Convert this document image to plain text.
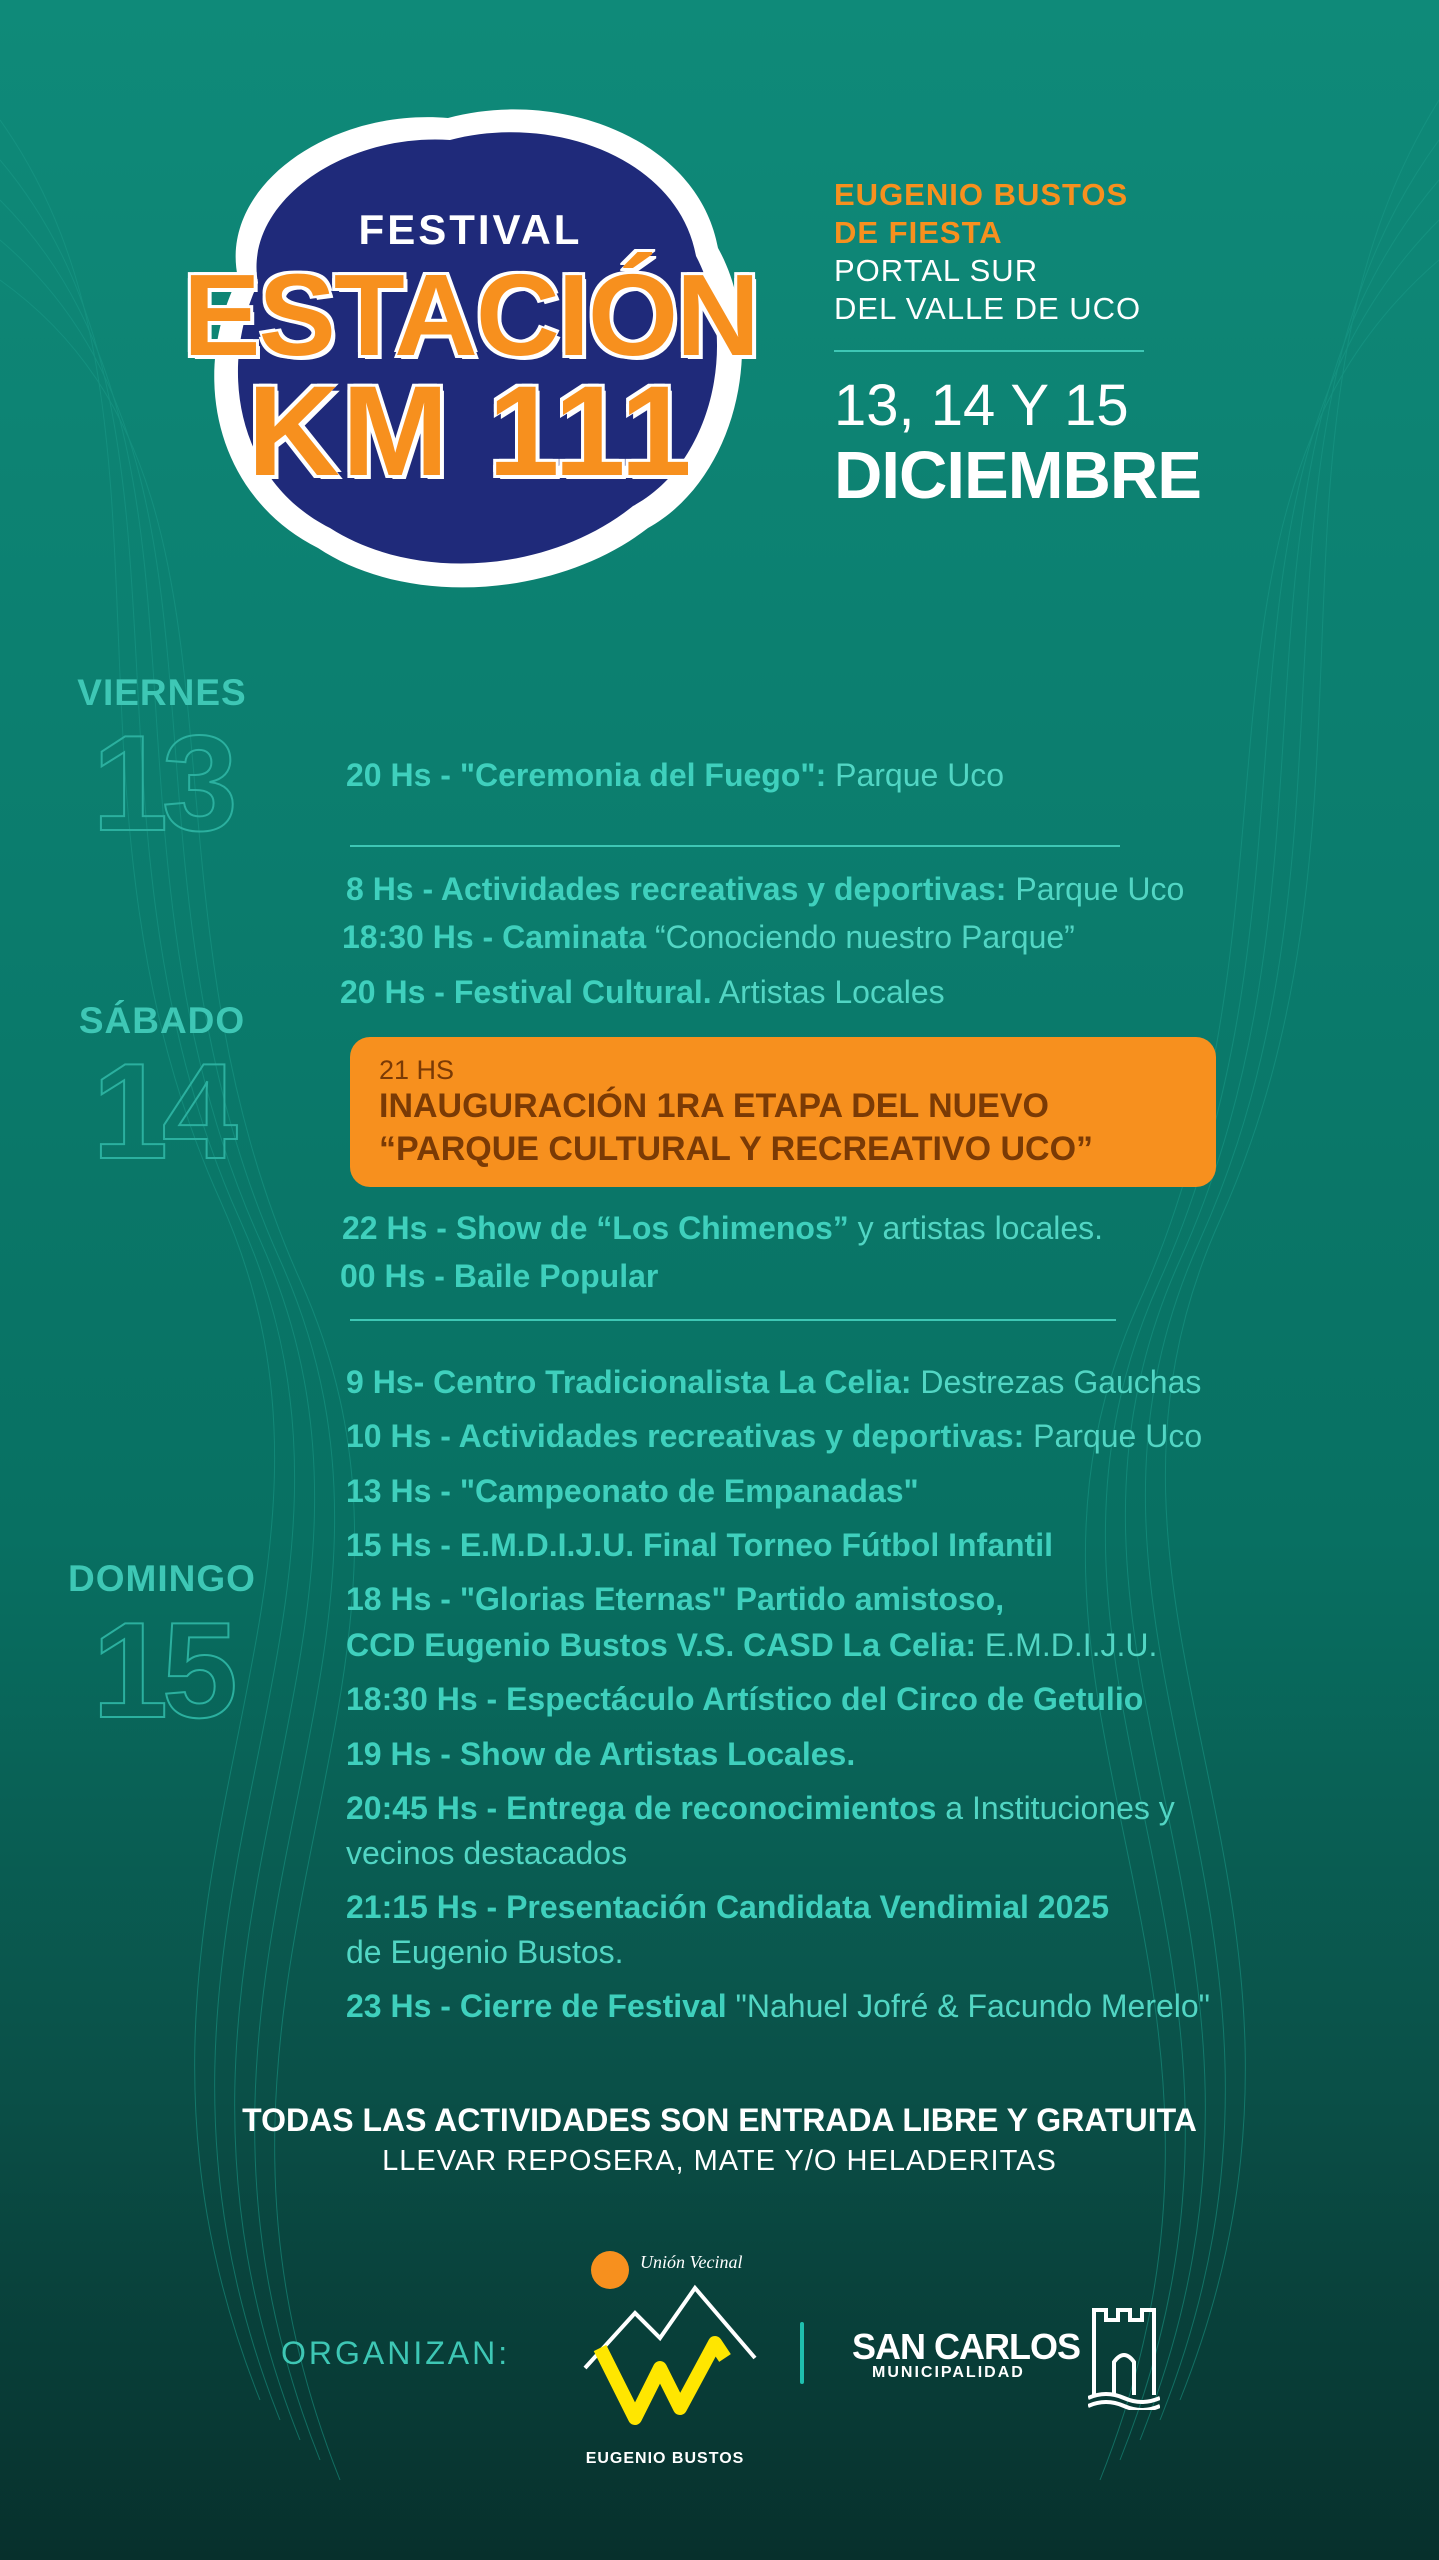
FESTIVAL
ESTACIÓN
KM 111
EUGENIO BUSTOS
DE FIESTA
PORTAL SUR
DEL VALLE DE UCO
13, 14 Y 15
DICIEMBRE
VIERNES
13
SÁBADO
14
DOMINGO
15
20 Hs - "Ceremonia del Fuego": Parque Uco
8 Hs - Actividades recreativas y deportivas: Parque Uco
18:30 Hs - Caminata “Conociendo nuestro Parque”
20 Hs - Festival Cultural. Artistas Locales
21 HS
INAUGURACIÓN 1RA ETAPA DEL NUEVO
“PARQUE CULTURAL Y RECREATIVO UCO”
22 Hs - Show de “Los Chimenos” y artistas locales.
00 Hs - Baile Popular
9 Hs- Centro Tradicionalista La Celia: Destrezas Gauchas
10 Hs - Actividades recreativas y deportivas: Parque Uco
13 Hs - "Campeonato de Empanadas"
15 Hs - E.M.D.I.J.U. Final Torneo Fútbol Infantil
18 Hs - "Glorias Eternas" Partido amistoso,
CCD Eugenio Bustos V.S. CASD La Celia: E.M.D.I.J.U.
18:30 Hs - Espectáculo Artístico del Circo de Getulio
19 Hs - Show de Artistas Locales.
20:45 Hs - Entrega de reconocimientos a Instituciones y
vecinos destacados
21:15 Hs - Presentación Candidata Vendimial 2025
de Eugenio Bustos.
23 Hs - Cierre de Festival "Nahuel Jofré & Facundo Merelo"
TODAS LAS ACTIVIDADES SON ENTRADA LIBRE Y GRATUITA
LLEVAR REPOSERA, MATE Y/O HELADERITAS
ORGANIZAN:
Unión Vecinal
EUGENIO BUSTOS
SAN CARLOS
MUNICIPALIDAD
